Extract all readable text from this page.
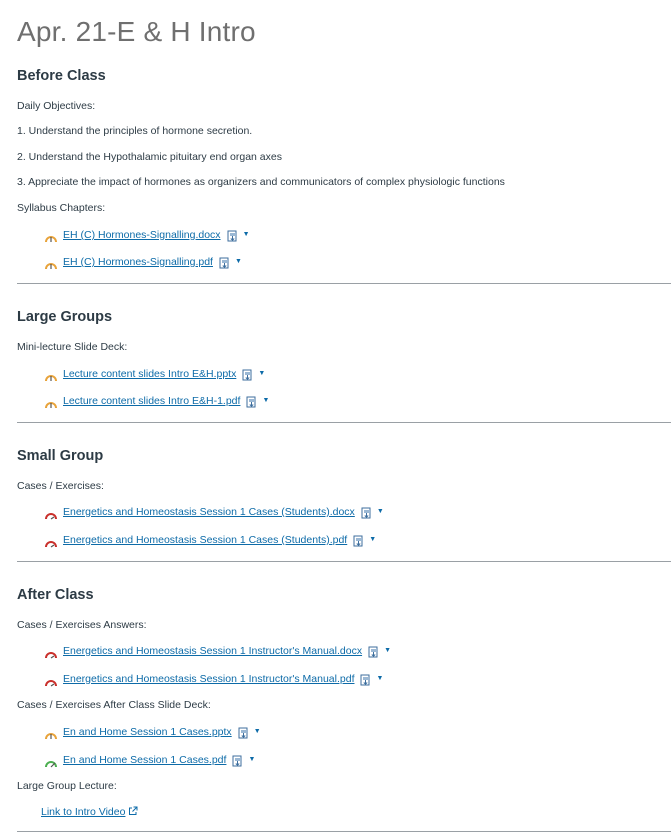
Apr. 21-E & H Intro
Before Class
Daily Objectives:
1. Understand the principles of hormone secretion.
2. Understand the Hypothalamic pituitary end organ axes
3. Appreciate the impact of hormones as organizers and communicators of complex physiologic functions
Syllabus Chapters:
EH (C) Hormones-Signalling.docx	▼
EH (C) Hormones-Signalling.pdf	▼
Large Groups
Mini-lecture Slide Deck:
Lecture content slides Intro E&H.pptx	▼
Lecture content slides Intro E&H-1.pdf	▼
Small Group
Cases / Exercises:
Energetics and Homeostasis Session 1 Cases (Students).docx	▼
Energetics and Homeostasis Session 1 Cases (Students).pdf	▼
After Class
Cases / Exercises Answers:
Energetics and Homeostasis Session 1 Instructor's Manual.docx	▼
Energetics and Homeostasis Session 1 Instructor's Manual.pdf	▼
Cases / Exercises After Class Slide Deck:
En and Home Session 1 Cases.pptx	▼
En and Home Session 1 Cases.pdf	▼
Large Group Lecture:
Link to Intro Video
